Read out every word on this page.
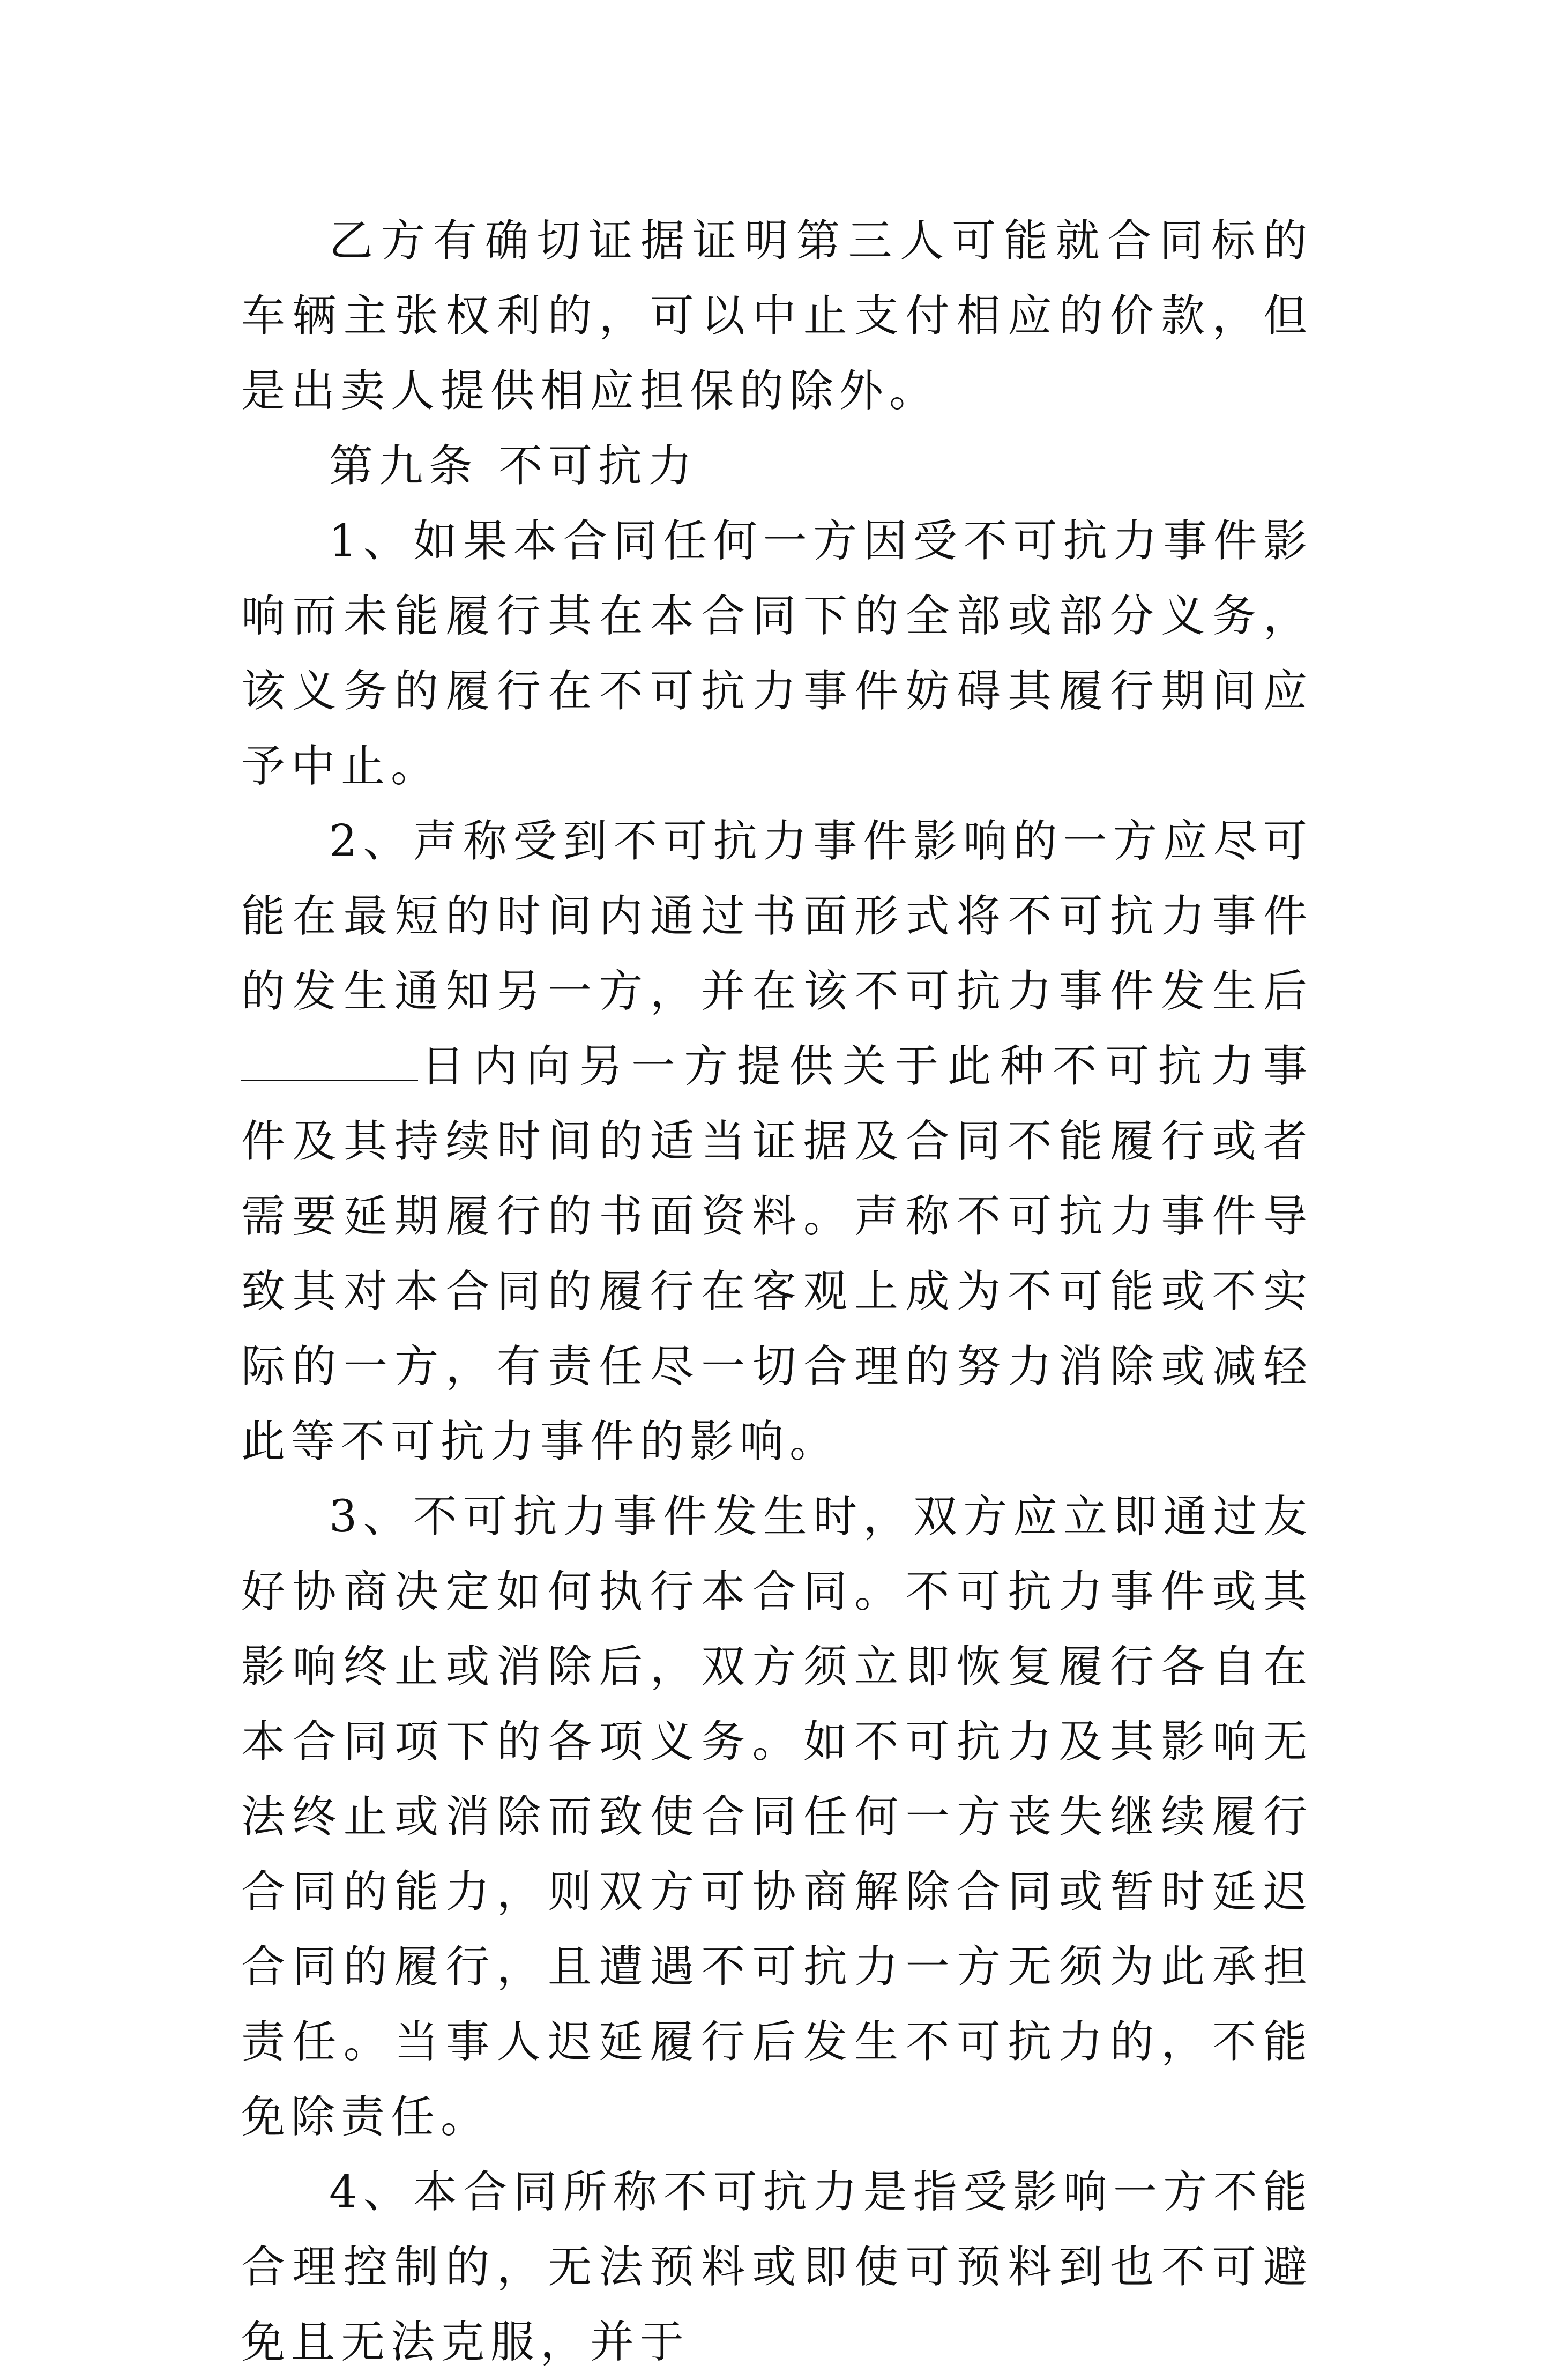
乙方有确切证据证明第三人可能就合同标的车辆主张权利的，可以中止支付相应的价款，但是出卖人提供相应担保的除外。

第九条 不可抗力

1、如果本合同任何一方因受不可抗力事件影响而未能履行其在本合同下的全部或部分义务，该义务的履行在不可抗力事件妨碍其履行期间应予中止。

2、声称受到不可抗力事件影响的一方应尽可能在最短的时间内通过书面形式将不可抗力事件的发生通知另一方，并在该不可抗力事件发生后日内向另一方提供关于此种不可抗力事件及其持续时间的适当证据及合同不能履行或者需要延期履行的书面资料。声称不可抗力事件导致其对本合同的履行在客观上成为不可能或不实际的一方，有责任尽一切合理的努力消除或减轻此等不可抗力事件的影响。

3、不可抗力事件发生时，双方应立即通过友好协商决定如何执行本合同。不可抗力事件或其影响终止或消除后，双方须立即恢复履行各自在本合同项下的各项义务。如不可抗力及其影响无法终止或消除而致使合同任何一方丧失继续履行合同的能力，则双方可协商解除合同或暂时延迟合同的履行，且遭遇不可抗力一方无须为此承担责任。当事人迟延履行后发生不可抗力的，不能免除责任。

4、本合同所称不可抗力是指受影响一方不能合理控制的，无法预料或即使可预料到也不可避免且无法克服，并于
